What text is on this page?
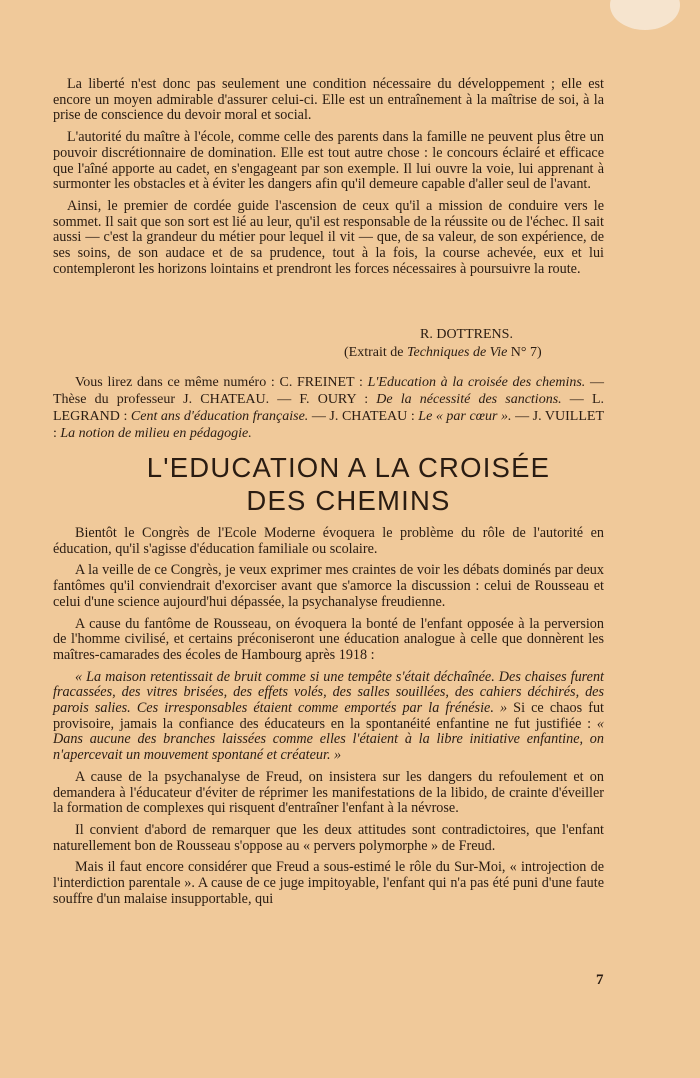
La liberté n'est donc pas seulement une condition nécessaire du développement ; elle est encore un moyen admirable d'assurer celui-ci. Elle est un entraînement à la maîtrise de soi, à la prise de conscience du devoir moral et social.

L'autorité du maître à l'école, comme celle des parents dans la famille ne peuvent plus être un pouvoir discrétionnaire de domination. Elle est tout autre chose : le concours éclairé et efficace que l'aîné apporte au cadet, en s'engageant par son exemple. Il lui ouvre la voie, lui apprenant à surmonter les obstacles et à éviter les dangers afin qu'il demeure capable d'aller seul de l'avant.

Ainsi, le premier de cordée guide l'ascension de ceux qu'il a mission de conduire vers le sommet. Il sait que son sort est lié au leur, qu'il est responsable de la réussite ou de l'échec. Il sait aussi — c'est la grandeur du métier pour lequel il vit — que, de sa valeur, de son expérience, de ses soins, de son audace et de sa prudence, tout à la fois, la course achevée, eux et lui contempleront les horizons lointains et prendront les forces nécessaires à poursuivre la route.

R. DOTTRENS.
(Extrait de Techniques de Vie N° 7)
Vous lirez dans ce même numéro : C. FREINET : L'Education à la croisée des chemins. — Thèse du professeur J. CHATEAU. — F. OURY : De la nécessité des sanctions. — L. LEGRAND : Cent ans d'éducation française. — J. CHATEAU : Le « par cœur ». — J. VUILLET : La notion de milieu en pédagogie.
L'EDUCATION A LA CROISÉE
DES CHEMINS

Bientôt le Congrès de l'Ecole Moderne évoquera le problème du rôle de l'autorité en éducation, qu'il s'agisse d'éducation familiale ou scolaire.

A la veille de ce Congrès, je veux exprimer mes craintes de voir les débats dominés par deux fantômes qu'il conviendrait d'exorciser avant que s'amorce la discussion : celui de Rousseau et celui d'une science aujourd'hui dépassée, la psychanalyse freudienne.

A cause du fantôme de Rousseau, on évoquera la bonté de l'enfant opposée à la perversion de l'homme civilisé, et certains préconiseront une éducation analogue à celle que donnèrent les maîtres-camarades des écoles de Hambourg après 1918 :

« La maison retentissait de bruit comme si une tempête s'était déchaînée. Des chaises furent fracassées, des vitres brisées, des effets volés, des salles souillées, des cahiers déchirés, des parois salies. Ces irresponsables étaient comme emportés par la frénésie. » Si ce chaos fut provisoire, jamais la confiance des éducateurs en la spontanéité enfantine ne fut justifiée : « Dans aucune des branches laissées comme elles l'étaient à la libre initiative enfantine, on n'apercevait un mouvement spontané et créateur. »

A cause de la psychanalyse de Freud, on insistera sur les dangers du refoulement et on demandera à l'éducateur d'éviter de réprimer les manifestations de la libido, de crainte d'éveiller la formation de complexes qui risquent d'entraîner l'enfant à la névrose.

Il convient d'abord de remarquer que les deux attitudes sont contradictoires, que l'enfant naturellement bon de Rousseau s'oppose au « pervers polymorphe » de Freud.

Mais il faut encore considérer que Freud a sous-estimé le rôle du Sur-Moi, « introjection de l'interdiction parentale ». A cause de ce juge impitoyable, l'enfant qui n'a pas été puni d'une faute souffre d'un malaise insupportable, qui

7
